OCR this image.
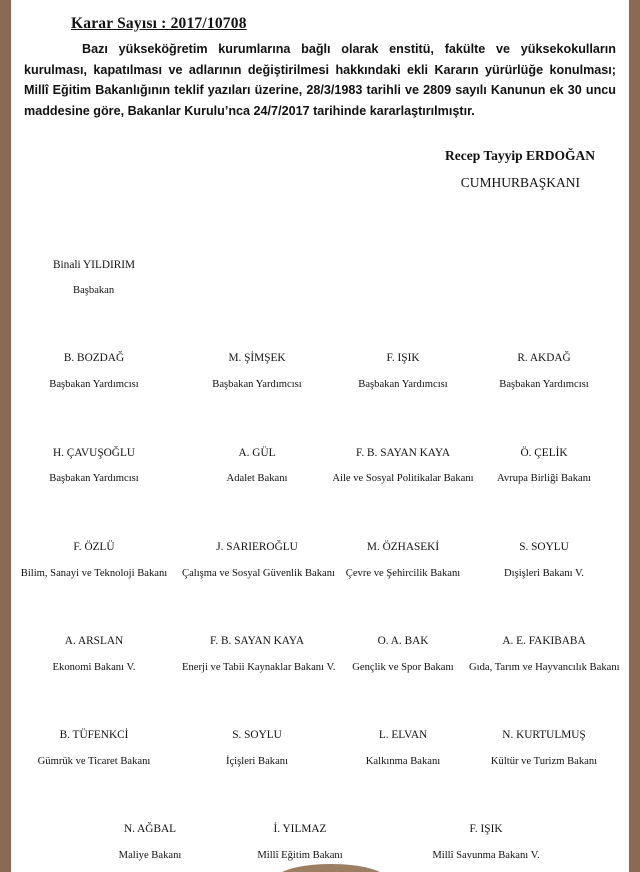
Karar Sayısı : 2017/10708
Bazı yükseköğretim kurumlarına bağlı olarak enstitü, fakülte ve yüksekokulların kurulması, kapatılması ve adlarının değiştirilmesi hakkındaki ekli Kararın yürürlüğe konulması; Millî Eğitim Bakanlığının teklif yazıları üzerine, 28/3/1983 tarihli ve 2809 sayılı Kanunun ek 30 uncu maddesine göre, Bakanlar Kurulu’nca 24/7/2017 tarihinde kararlaştırılmıştır.
Recep Tayyip ERDOĞAN
CUMHURBAŞKANI
Binali YILDIRIM
Başbakan
B. BOZDAĞ
Başbakan Yardımcısı
M. ŞİMŞEK
Başbakan Yardımcısı
F. IŞIK
Başbakan Yardımcısı
R. AKDAĞ
Başbakan Yardımcısı
H. ÇAVUŞOĞLU
Başbakan Yardımcısı
A. GÜL
Adalet Bakanı
F. B. SAYAN KAYA
Aile ve Sosyal Politikalar Bakanı
Ö. ÇELİK
Avrupa Birliği Bakanı
F. ÖZLÜ
Bilim, Sanayi ve Teknoloji Bakanı
J. SARIEROĞLU
Çalışma ve Sosyal Güvenlik Bakanı
M. ÖZHASEKİ
Çevre ve Şehircilik Bakanı
S. SOYLU
Dışişleri Bakanı V.
A. ARSLAN
Ekonomi Bakanı V.
F. B. SAYAN KAYA
Enerji ve Tabii Kaynaklar Bakanı V.
O. A. BAK
Gençlik ve Spor Bakanı
A. E. FAKIBABA
Gıda, Tarım ve Hayvancılık Bakanı
B. TÜFENKCİ
Gümrük ve Ticaret Bakanı
S. SOYLU
İçişleri Bakanı
L. ELVAN
Kalkınma Bakanı
N. KURTULMUŞ
Kültür ve Turizm Bakanı
N. AĞBAL
Maliye Bakanı
İ. YILMAZ
Millî Eğitim Bakanı
F. IŞIK
Millî Savunma Bakanı V.
